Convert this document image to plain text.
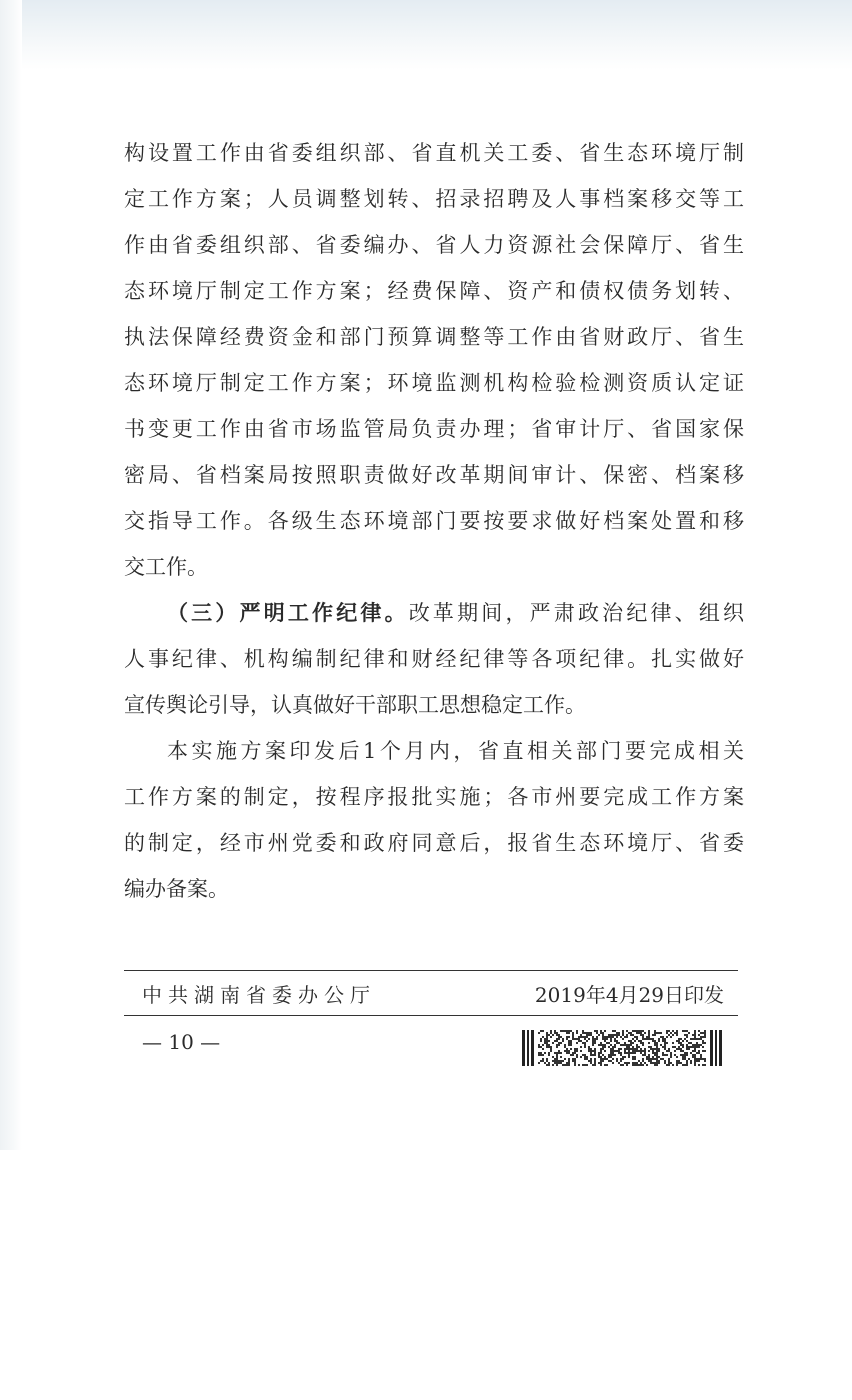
构设置工作由省委组织部、省直机关工委、省生态环境厅制
定工作方案；人员调整划转、招录招聘及人事档案移交等工
作由省委组织部、省委编办、省人力资源社会保障厅、省生
态环境厅制定工作方案；经费保障、资产和债权债务划转、
执法保障经费资金和部门预算调整等工作由省财政厅、省生
态环境厅制定工作方案；环境监测机构检验检测资质认定证
书变更工作由省市场监管局负责办理；省审计厅、省国家保
密局、省档案局按照职责做好改革期间审计、保密、档案移
交指导工作。各级生态环境部门要按要求做好档案处置和移
交工作。
（三）严明工作纪律。改革期间，严肃政治纪律、组织
人事纪律、机构编制纪律和财经纪律等各项纪律。扎实做好
宣传舆论引导，认真做好干部职工思想稳定工作。
本实施方案印发后1个月内，省直相关部门要完成相关
工作方案的制定，按程序报批实施；各市州要完成工作方案
的制定，经市州党委和政府同意后，报省生态环境厅、省委
编办备案。
中共湖南省委办公厅	2019年4月29日印发
— 10 —
